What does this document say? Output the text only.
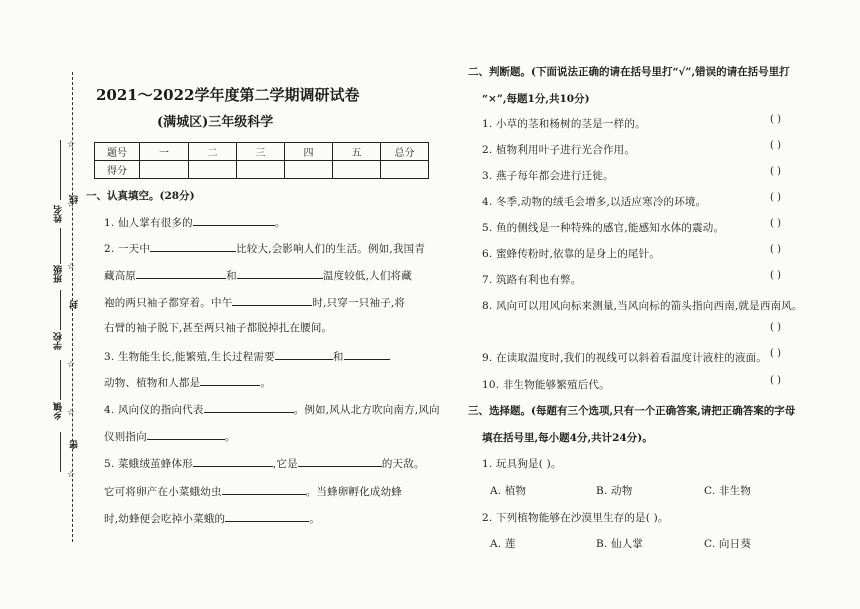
☆
☆
线
☆
封
☆
☆
密
☆
姓名
班级
学校
乡镇
2021～2022学年度第二学期调研试卷
(满城区)三年级科学
题号	一	二	三	四	五	总分
得分						
一、认真填空。(28分)
1. 仙人掌有很多的	。
2. 一天中	比较大,会影响人们的生活。例如,我国青
藏高原	和	温度较低,人们将藏
袍的两只袖子都穿着。中午	时,只穿一只袖子,将
右臂的袖子脱下,甚至两只袖子都脱掉扎在腰间。
3. 生物能生长,能繁殖,生长过程需要	和
动物、植物和人都是	。
4. 风向仪的指向代表	。例如,风从北方吹向南方,风向
仪则指向	。
5. 菜蛾绒茧蜂体形	,它是	的天敌。
它可将卵产在小菜蛾幼虫	。当蜂卵孵化成幼蜂
时,幼蜂便会吃掉小菜蛾的	。
二、判断题。(下面说法正确的请在括号里打“√”,错误的请在括号里打
“×”,每题1分,共10分)
1. 小草的茎和杨树的茎是一样的。	( )
2. 植物利用叶子进行光合作用。	( )
3. 燕子每年都会进行迁徙。	( )
4. 冬季,动物的绒毛会增多,以适应寒冷的环境。	( )
5. 鱼的侧线是一种特殊的感官,能感知水体的震动。	( )
6. 蜜蜂传粉时,依靠的是身上的尾针。	( )
7. 筑路有利也有弊。	( )
8. 风向可以用风向标来测量,当风向标的箭头指向西南,就是西南风。
( )
9. 在读取温度时,我们的视线可以斜着看温度计液柱的液面。 ( )
10. 非生物能够繁殖后代。	( )
三、选择题。(每题有三个选项,只有一个正确答案,请把正确答案的字母
填在括号里,每小题4分,共计24分)。
1. 玩具狗是( )。
A. 植物	B. 动物	C. 非生物
2. 下列植物能够在沙漠里生存的是( )。
A. 莲	B. 仙人掌	C. 向日葵
